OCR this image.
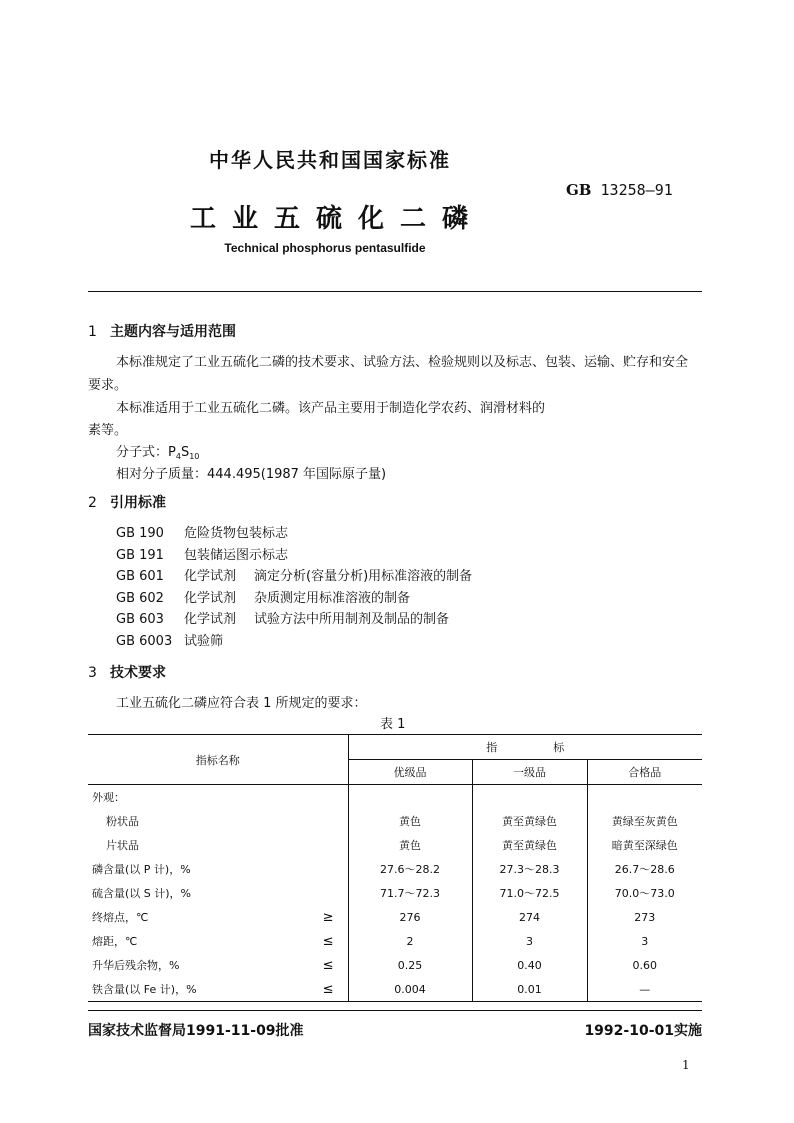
中华人民共和国国家标准
GB 13258—91
工业五硫化二磷
Technical phosphorus pentasulfide
1 主题内容与适用范围
本标准规定了工业五硫化二磷的技术要求、试验方法、检验规则以及标志、包装、运输、贮存和安全
要求。
本标准适用于工业五硫化二磷。该产品主要用于制造化学农药、润滑材料的
素等。
分子式：$P_4S_{10}$
相对分子质量：444.495(1987 年国际原子量)
2 引用标准
GB 190 危险货物包装标志
GB 191 包装储运图示标志
GB 601 化学试剂 滴定分析(容量分析)用标准溶液的制备
GB 602 化学试剂 杂质测定用标准溶液的制备
GB 603 化学试剂 试验方法中所用制剂及制品的制备
GB 6003 试验筛
3 技术要求
工业五硫化二磷应符合表 1 所规定的要求：
表 1
指标名称		指 标		
		优级品	一级品	合格品
外观：				
粉状品		黄色	黄至黄绿色	黄绿至灰黄色
片状品		黄色	黄至黄绿色	暗黄至深绿色
磷含量(以 P 计)，%		27.6～28.2	27.3～28.3	26.7～28.6
硫含量(以 S 计)，%		71.7～72.3	71.0～72.5	70.0～73.0
终熔点，℃	≥	276	274	273
熔距，℃	≤	2	3	3
升华后残余物，%	≤	0.25	0.40	0.60
铁含量(以 Fe 计)，%	≤	0.004	0.01	—
国家技术监督局1991-11-09批准	1992-10-01实施
1
